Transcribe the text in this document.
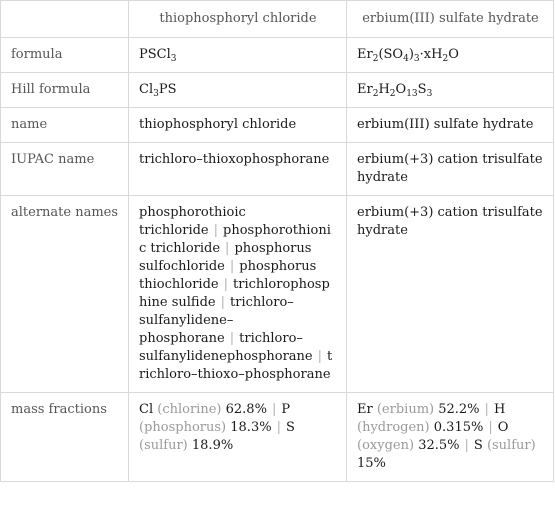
	thiophosphoryl chloride	erbium(III) sulfate hydrate
formula	PSCl$_3$	$Er_2(SO_4)_3\cdot xH_2O$
Hill formula	$Cl_3PS$	$Er_2H_2O_{13}S_3$
name	thiophosphoryl chloride	erbium(III) sulfate hydrate
IUPAC name	trichloro–thioxophosphorane	erbium(+3) cation trisulfate hydrate
alternate names	phosphorothioic trichloride | phosphorothionic trichloride | phosphorus sulfochloride | phosphorus thiochloride | trichlorophosphine sulfide | trichloro–sulfanylidene–phosphorane | trichloro–sulfanylidenephosphorane | trichloro–thioxo–phosphorane	erbium(+3) cation trisulfate hydrate
mass fractions	Cl (chlorine) 62.8% | P (phosphorus) 18.3% | S (sulfur) 18.9%	Er (erbium) 52.2% | H (hydrogen) 0.315% | O (oxygen) 32.5% | S (sulfur) 15%
